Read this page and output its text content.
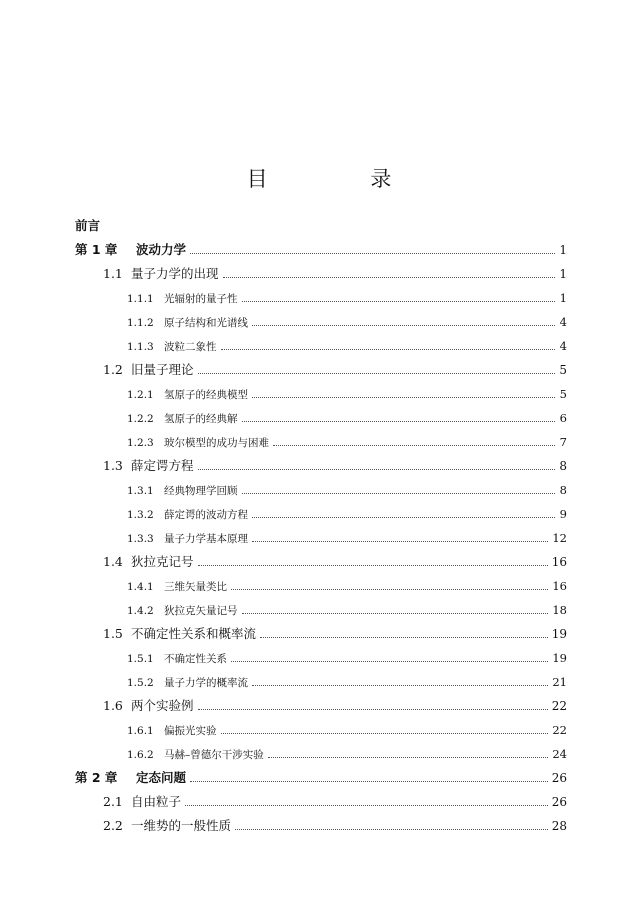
目 录
前言
第 1 章	波动力学	1
1.1 量子力学的出现	1
1.1.1 光辐射的量子性	1
1.1.2 原子结构和光谱线	4
1.1.3 波粒二象性	4
1.2 旧量子理论	5
1.2.1 氢原子的经典模型	5
1.2.2 氢原子的经典解	6
1.2.3 玻尔模型的成功与困难	7
1.3 薛定谔方程	8
1.3.1 经典物理学回顾	8
1.3.2 薛定谔的波动方程	9
1.3.3 量子力学基本原理	12
1.4 狄拉克记号	16
1.4.1 三维矢量类比	16
1.4.2 狄拉克矢量记号	18
1.5 不确定性关系和概率流	19
1.5.1 不确定性关系	19
1.5.2 量子力学的概率流	21
1.6 两个实验例	22
1.6.1 偏振光实验	22
1.6.2 马赫–曾德尔干涉实验	24
第 2 章	定态问题	26
2.1 自由粒子	26
2.2 一维势的一般性质	28
